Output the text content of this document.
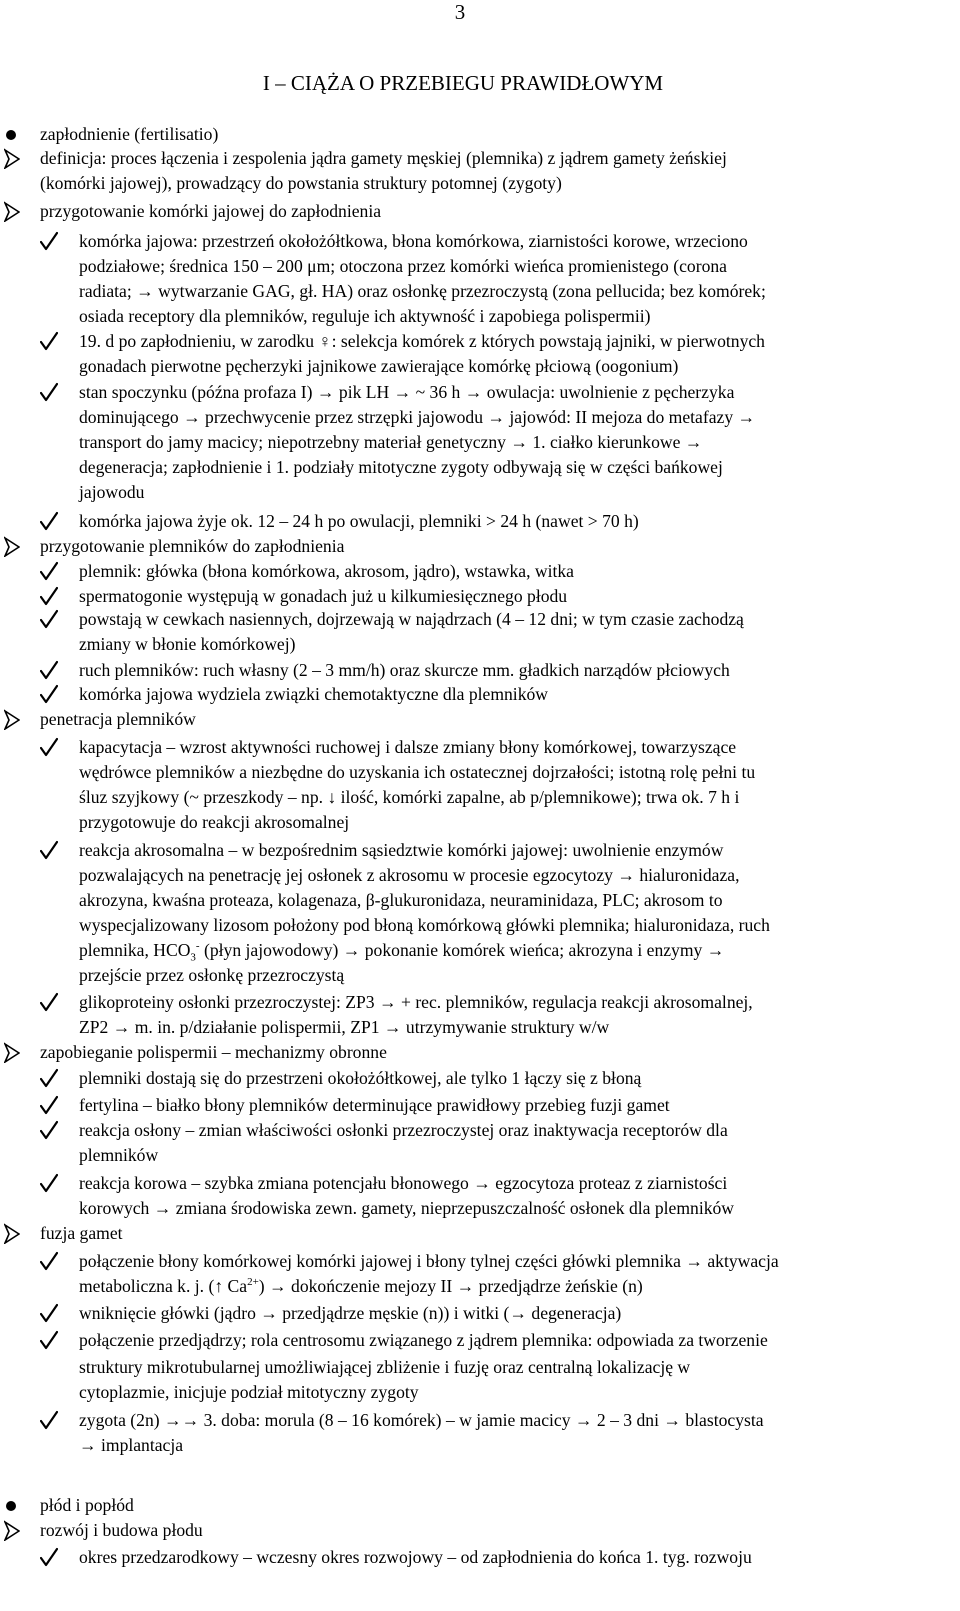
3
I – CIĄŻA O PRZEBIEGU PRAWIDŁOWYM
zapłodnienie (fertilisatio)
definicja: proces łączenia i zespolenia jądra gamety męskiej (plemnika) z jądrem gamety żeńskiej
(komórki jajowej), prowadzący do powstania struktury potomnej (zygoty)
przygotowanie komórki jajowej do zapłodnienia
komórka jajowa: przestrzeń okołożółtkowa, błona komórkowa, ziarnistości korowe, wrzeciono
podziałowe; średnica 150 – 200 μm; otoczona przez komórki wieńca promienistego (corona
radiata; → wytwarzanie GAG, gł. HA) oraz osłonkę przezroczystą (zona pellucida; bez komórek;
osiada receptory dla plemników, reguluje ich aktywność i zapobiega polispermii)
19. d po zapłodnieniu, w zarodku ♀: selekcja komórek z których powstają jajniki, w pierwotnych
gonadach pierwotne pęcherzyki jajnikowe zawierające komórkę płciową (oogonium)
stan spoczynku (późna profaza I) → pik LH → ~ 36 h → owulacja: uwolnienie z pęcherzyka
dominującego → przechwycenie przez strzępki jajowodu → jajowód: II mejoza do metafazy →
transport do jamy macicy; niepotrzebny materiał genetyczny → 1. ciałko kierunkowe →
degeneracja; zapłodnienie i 1. podziały mitotyczne zygoty odbywają się w części bańkowej
jajowodu
komórka jajowa żyje ok. 12 – 24 h po owulacji, plemniki > 24 h (nawet > 70 h)
przygotowanie plemników do zapłodnienia
plemnik: główka (błona komórkowa, akrosom, jądro), wstawka, witka
spermatogonie występują w gonadach już u kilkumiesięcznego płodu
powstają w cewkach nasiennych, dojrzewają w najądrzach (4 – 12 dni; w tym czasie zachodzą
zmiany w błonie komórkowej)
ruch plemników: ruch własny (2 – 3 mm/h) oraz skurcze mm. gładkich narządów płciowych
komórka jajowa wydziela związki chemotaktyczne dla plemników
penetracja plemników
kapacytacja – wzrost aktywności ruchowej i dalsze zmiany błony komórkowej, towarzyszące
wędrówce plemników a niezbędne do uzyskania ich ostatecznej dojrzałości; istotną rolę pełni tu
śluz szyjkowy (~ przeszkody – np. ↓ ilość, komórki zapalne, ab p/plemnikowe); trwa ok. 7 h i
przygotowuje do reakcji akrosomalnej
reakcja akrosomalna – w bezpośrednim sąsiedztwie komórki jajowej: uwolnienie enzymów
pozwalających na penetrację jej osłonek z akrosomu w procesie egzocytozy → hialuronidaza,
akrozyna, kwaśna proteaza, kolagenaza, β-glukuronidaza, neuraminidaza, PLC; akrosom to
wyspecjalizowany lizosom położony pod błoną komórkową główki plemnika; hialuronidaza, ruch
plemnika, $HCO_3^-$ (płyn jajowodowy) → pokonanie komórek wieńca; akrozyna i enzymy →
przejście przez osłonkę przezroczystą
glikoproteiny osłonki przezroczystej: ZP3 → + rec. plemników, regulacja reakcji akrosomalnej,
ZP2 → m. in. p/działanie polispermii, ZP1 → utrzymywanie struktury w/w
zapobieganie polispermii – mechanizmy obronne
plemniki dostają się do przestrzeni okołożółtkowej, ale tylko 1 łączy się z błoną
fertylina – białko błony plemników determinujące prawidłowy przebieg fuzji gamet
reakcja osłony – zmian właściwości osłonki przezroczystej oraz inaktywacja receptorów dla
plemników
reakcja korowa – szybka zmiana potencjału błonowego → egzocytoza proteaz z ziarnistości
korowych → zmiana środowiska zewn. gamety, nieprzepuszczalność osłonek dla plemników
fuzja gamet
połączenie błony komórkowej komórki jajowej i błony tylnej części główki plemnika → aktywacja
metaboliczna k. j. (↑ $Ca^{2+}$) → dokończenie mejozy II → przedjądrze żeńskie (n)
wniknięcie główki (jądro → przedjądrze męskie (n)) i witki (→ degeneracja)
połączenie przedjądrzy; rola centrosomu związanego z jądrem plemnika: odpowiada za tworzenie
struktury mikrotubularnej umożliwiającej zbliżenie i fuzję oraz centralną lokalizację w
cytoplazmie, inicjuje podział mitotyczny zygoty
zygota (2n) →→ 3. doba: morula (8 – 16 komórek) – w jamie macicy → 2 – 3 dni → blastocysta
→ implantacja
płód i popłód
rozwój i budowa płodu
okres przedzarodkowy – wczesny okres rozwojowy – od zapłodnienia do końca 1. tyg. rozwoju
